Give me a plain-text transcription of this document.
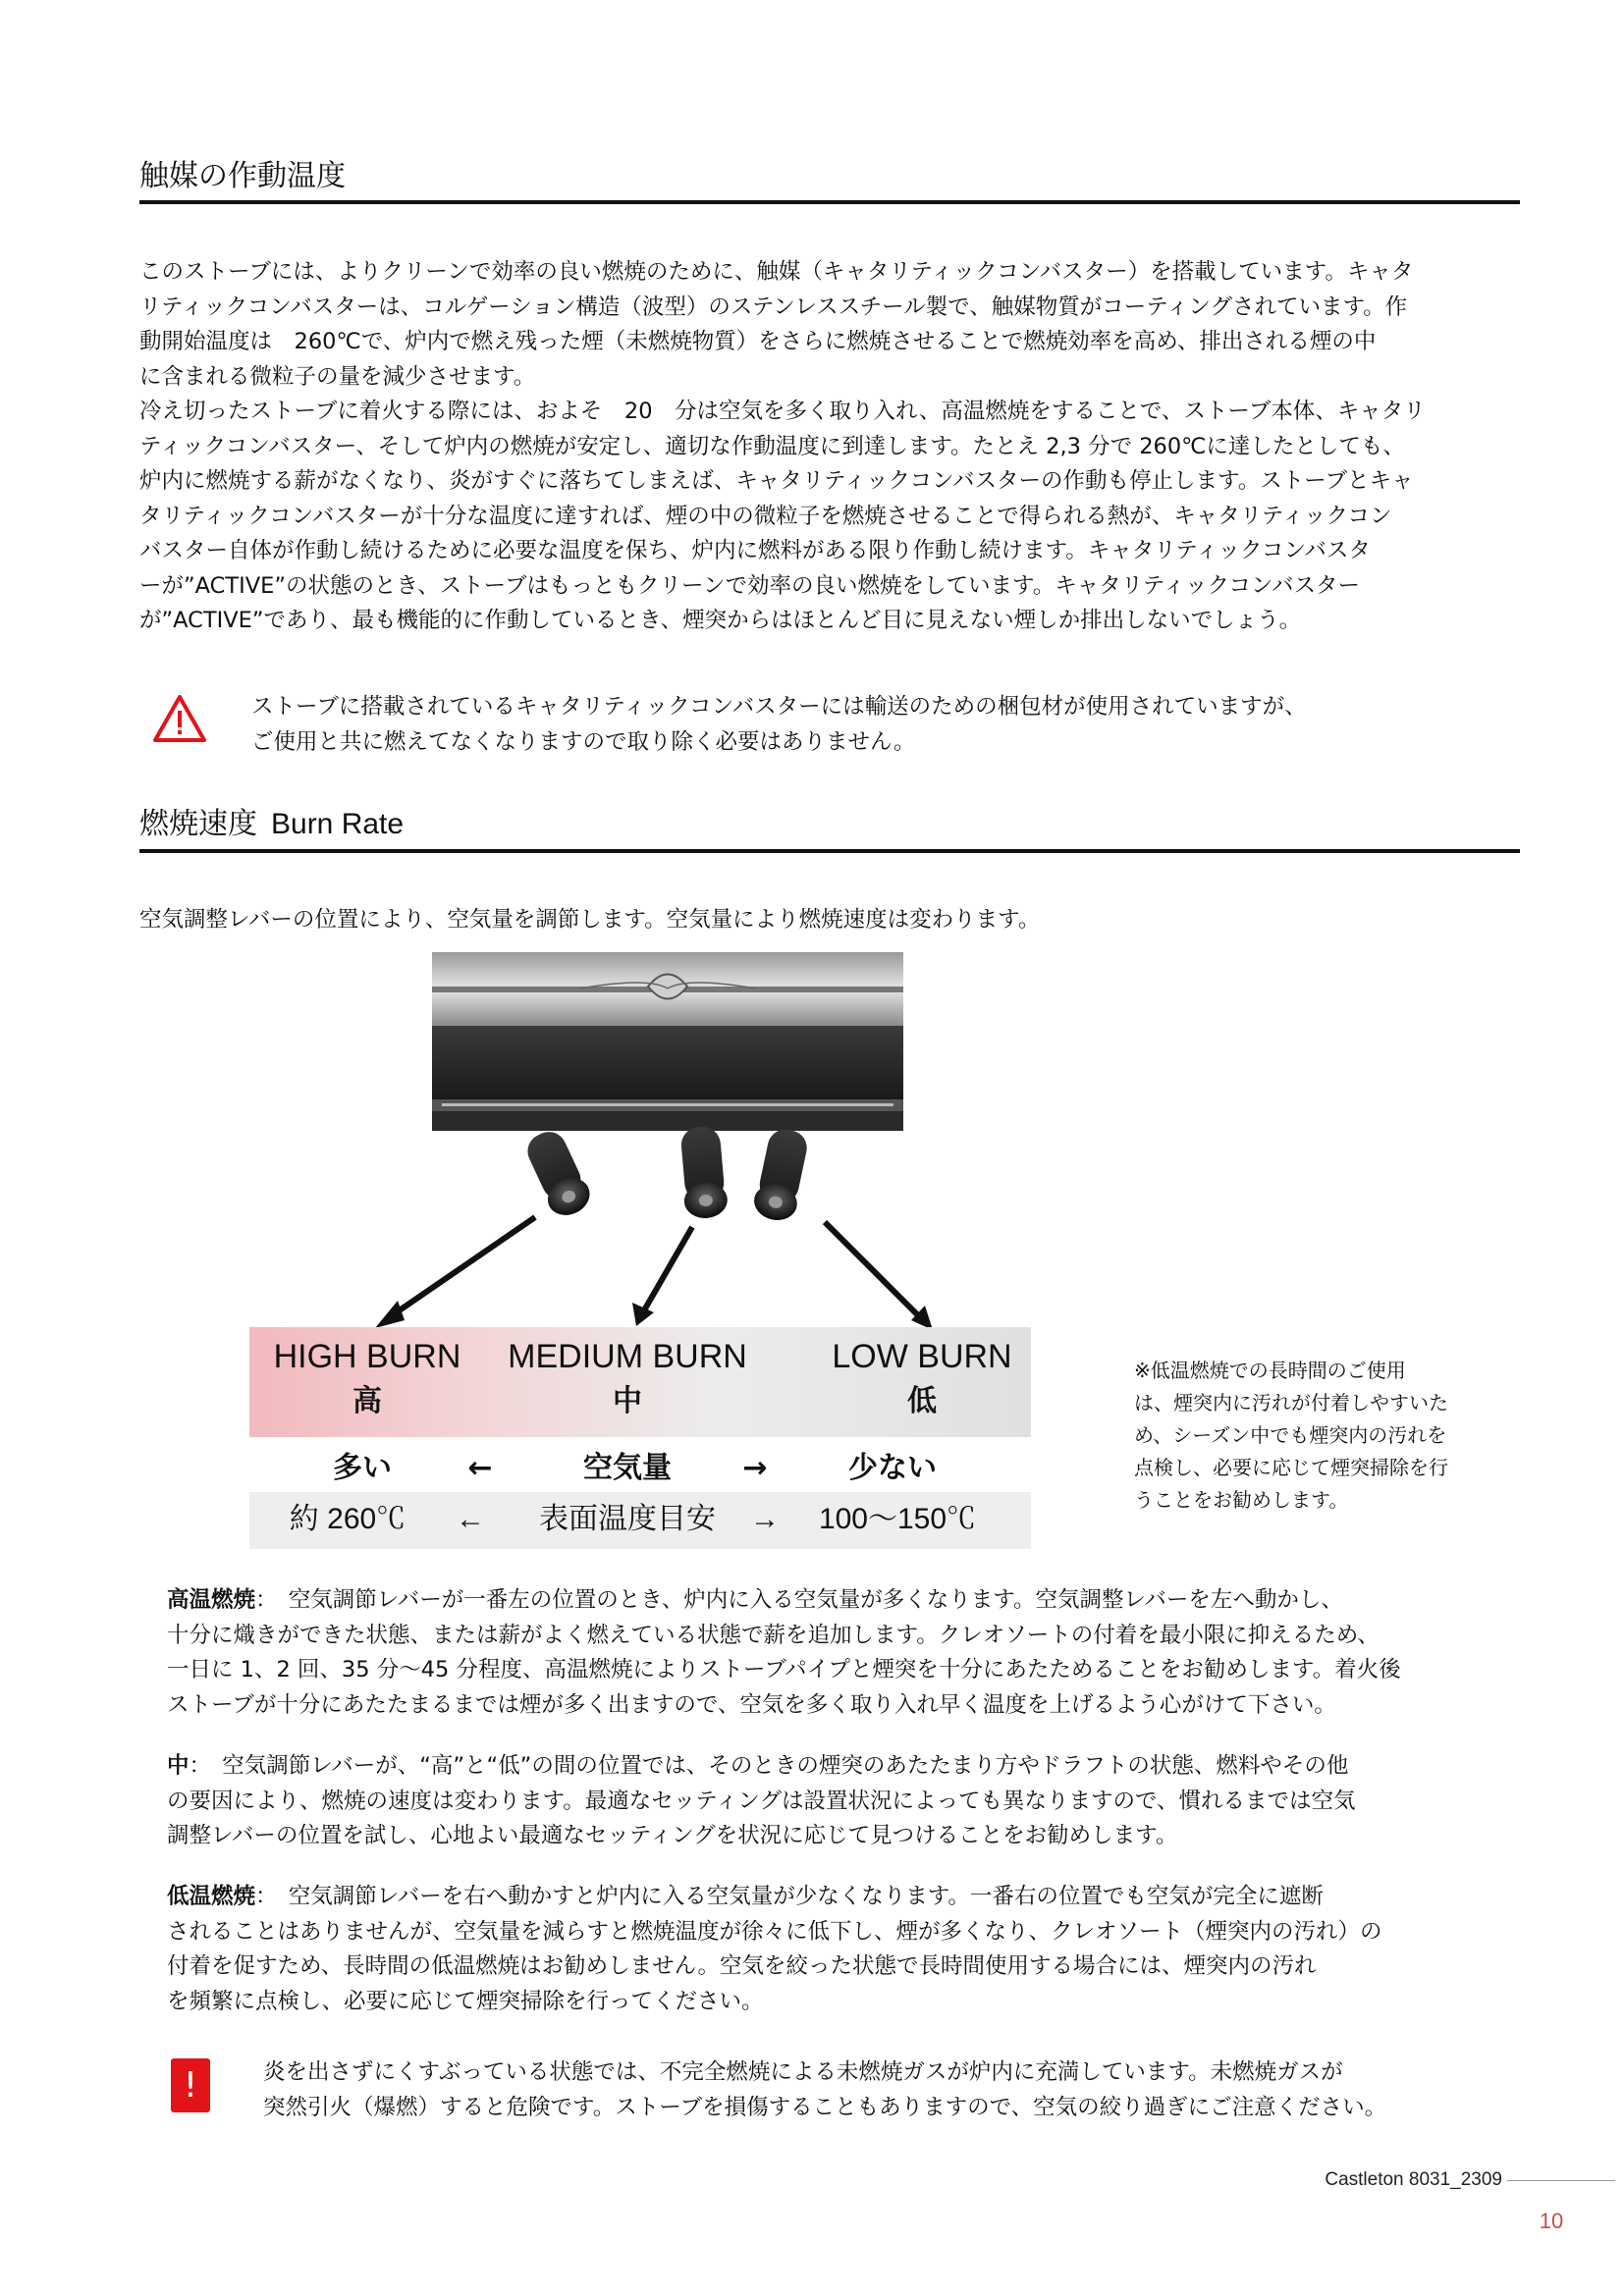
触媒の作動温度
このストーブには、よりクリーンで効率の良い燃焼のために、触媒（キャタリティックコンバスター）を搭載しています。キャタ
リティックコンバスターは、コルゲーション構造（波型）のステンレススチール製で、触媒物質がコーティングされています。作
動開始温度は　260℃で、炉内で燃え残った煙（未燃焼物質）をさらに燃焼させることで燃焼効率を高め、排出される煙の中
に含まれる微粒子の量を減少させます。
冷え切ったストーブに着火する際には、およそ　20　分は空気を多く取り入れ、高温燃焼をすることで、ストーブ本体、キャタリ
ティックコンバスター、そして炉内の燃焼が安定し、適切な作動温度に到達します。たとえ 2,3 分で 260℃に達したとしても、
炉内に燃焼する薪がなくなり、炎がすぐに落ちてしまえば、キャタリティックコンバスターの作動も停止します。ストーブとキャ
タリティックコンバスターが十分な温度に達すれば、煙の中の微粒子を燃焼させることで得られる熱が、キャタリティックコン
バスター自体が作動し続けるために必要な温度を保ち、炉内に燃料がある限り作動し続けます。キャタリティックコンバスタ
ーが”ACTIVE”の状態のとき、ストーブはもっともクリーンで効率の良い燃焼をしています。キャタリティックコンバスター
が”ACTIVE”であり、最も機能的に作動しているとき、煙突からはほとんど目に見えない煙しか排出しないでしょう。
ストーブに搭載されているキャタリティックコンバスターには輸送のための梱包材が使用されていますが、
ご使用と共に燃えてなくなりますので取り除く必要はありません。
燃焼速度 Burn Rate

空気調整レバーの位置により、空気量を調節します。空気量により燃焼速度は変わります。

HIGH BURN	MEDIUM BURN	LOW BURN
高	中	低
多い	←	空気量	→	少ない
約 260℃	←	表面温度目安	→	100～150℃
※低温燃焼での長時間のご使用
は、煙突内に汚れが付着しやすいた
め、シーズン中でも煙突内の汚れを
点検し、必要に応じて煙突掃除を行
うことをお勧めします。
高温燃焼：　空気調節レバーが一番左の位置のとき、炉内に入る空気量が多くなります。空気調整レバーを左へ動かし、
十分に熾きができた状態、または薪がよく燃えている状態で薪を追加します。クレオソートの付着を最小限に抑えるため、
一日に 1、2 回、35 分～45 分程度、高温燃焼によりストーブパイプと煙突を十分にあたためることをお勧めします。着火後
ストーブが十分にあたたまるまでは煙が多く出ますので、空気を多く取り入れ早く温度を上げるよう心がけて下さい。
中：　空気調節レバーが、“高”と“低”の間の位置では、そのときの煙突のあたたまり方やドラフトの状態、燃料やその他
の要因により、燃焼の速度は変わります。最適なセッティングは設置状況によっても異なりますので、慣れるまでは空気
調整レバーの位置を試し、心地よい最適なセッティングを状況に応じて見つけることをお勧めします。
低温燃焼：　空気調節レバーを右へ動かすと炉内に入る空気量が少なくなります。一番右の位置でも空気が完全に遮断
されることはありませんが、空気量を減らすと燃焼温度が徐々に低下し、煙が多くなり、クレオソート（煙突内の汚れ）の
付着を促すため、長時間の低温燃焼はお勧めしません。空気を絞った状態で長時間使用する場合には、煙突内の汚れ
を頻繁に点検し、必要に応じて煙突掃除を行ってください。
!	炎を出さずにくすぶっている状態では、不完全燃焼による未燃焼ガスが炉内に充満しています。未燃焼ガスが
突然引火（爆燃）すると危険です。ストーブを損傷することもありますので、空気の絞り過ぎにご注意ください。
Castleton 8031_2309
10
